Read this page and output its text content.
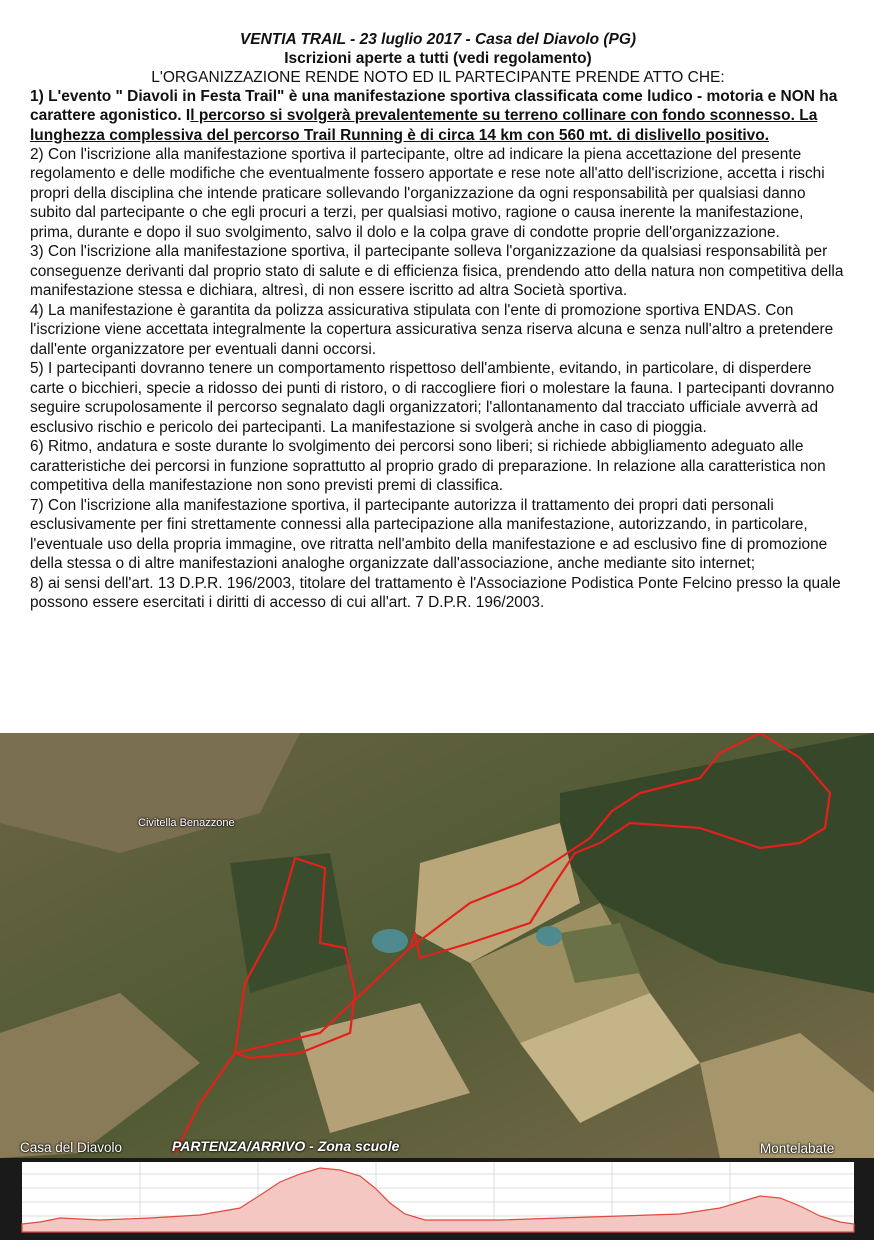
VENTIA TRAIL - 23 luglio 2017 - Casa del Diavolo (PG)
Iscrizioni aperte a tutti (vedi regolamento)
L'ORGANIZZAZIONE RENDE NOTO ED IL PARTECIPANTE PRENDE ATTO CHE:
1) L'evento " Diavoli in Festa Trail" è una manifestazione sportiva classificata come ludico - motoria e NON ha carattere agonistico. Il percorso si svolgerà prevalentemente su terreno collinare con fondo sconnesso. La lunghezza complessiva del percorso Trail Running è di circa 14 km con 560 mt. di dislivello positivo.
2) Con l'iscrizione alla manifestazione sportiva il partecipante, oltre ad indicare la piena accettazione del presente regolamento e delle modifiche che eventualmente fossero apportate e rese note all'atto dell'iscrizione, accetta i rischi propri della disciplina che intende praticare sollevando l'organizzazione da ogni responsabilità per qualsiasi danno subito dal partecipante o che egli procuri a terzi, per qualsiasi motivo, ragione o causa inerente la manifestazione, prima, durante e dopo il suo svolgimento, salvo il dolo e la colpa grave di condotte proprie dell'organizzazione.
3) Con l'iscrizione alla manifestazione sportiva, il partecipante solleva l'organizzazione da qualsiasi responsabilità per conseguenze derivanti dal proprio stato di salute e di efficienza fisica, prendendo atto della natura non competitiva della manifestazione stessa e dichiara, altresì, di non essere iscritto ad altra Società sportiva.
4) La manifestazione è garantita da polizza assicurativa stipulata con l'ente di promozione sportiva ENDAS. Con l'iscrizione viene accettata integralmente la copertura assicurativa senza riserva alcuna e senza null'altro a pretendere dall'ente organizzatore per eventuali danni occorsi.
5) I partecipanti dovranno tenere un comportamento rispettoso dell'ambiente, evitando, in particolare, di disperdere carte o bicchieri, specie a ridosso dei punti di ristoro, o di raccogliere fiori o molestare la fauna. I partecipanti dovranno seguire scrupolosamente il percorso segnalato dagli organizzatori; l'allontanamento dal tracciato ufficiale avverrà ad esclusivo rischio e pericolo dei partecipanti. La manifestazione si svolgerà anche in caso di pioggia.
6) Ritmo, andatura e soste durante lo svolgimento dei percorsi sono liberi; si richiede abbigliamento adeguato alle caratteristiche dei percorsi in funzione soprattutto al proprio grado di preparazione. In relazione alla caratteristica non competitiva della manifestazione non sono previsti premi di classifica.
7) Con l'iscrizione alla manifestazione sportiva, il partecipante autorizza il trattamento dei propri dati personali esclusivamente per fini strettamente connessi alla partecipazione alla manifestazione, autorizzando, in particolare, l'eventuale uso della propria immagine, ove ritratta nell'ambito della manifestazione e ad esclusivo fine di promozione della stessa o di altre manifestazioni analoghe organizzate dall'associazione, anche mediante sito internet;
8) ai sensi dell'art. 13 D.P.R. 196/2003, titolare del trattamento è l'Associazione Podistica Ponte Felcino presso la quale possono essere esercitati i diritti di accesso di cui all'art. 7 D.P.R. 196/2003.
Civitella Benazzone
Casa del Diavolo	PARTENZA/ARRIVO - Zona scuole	Montelabate
